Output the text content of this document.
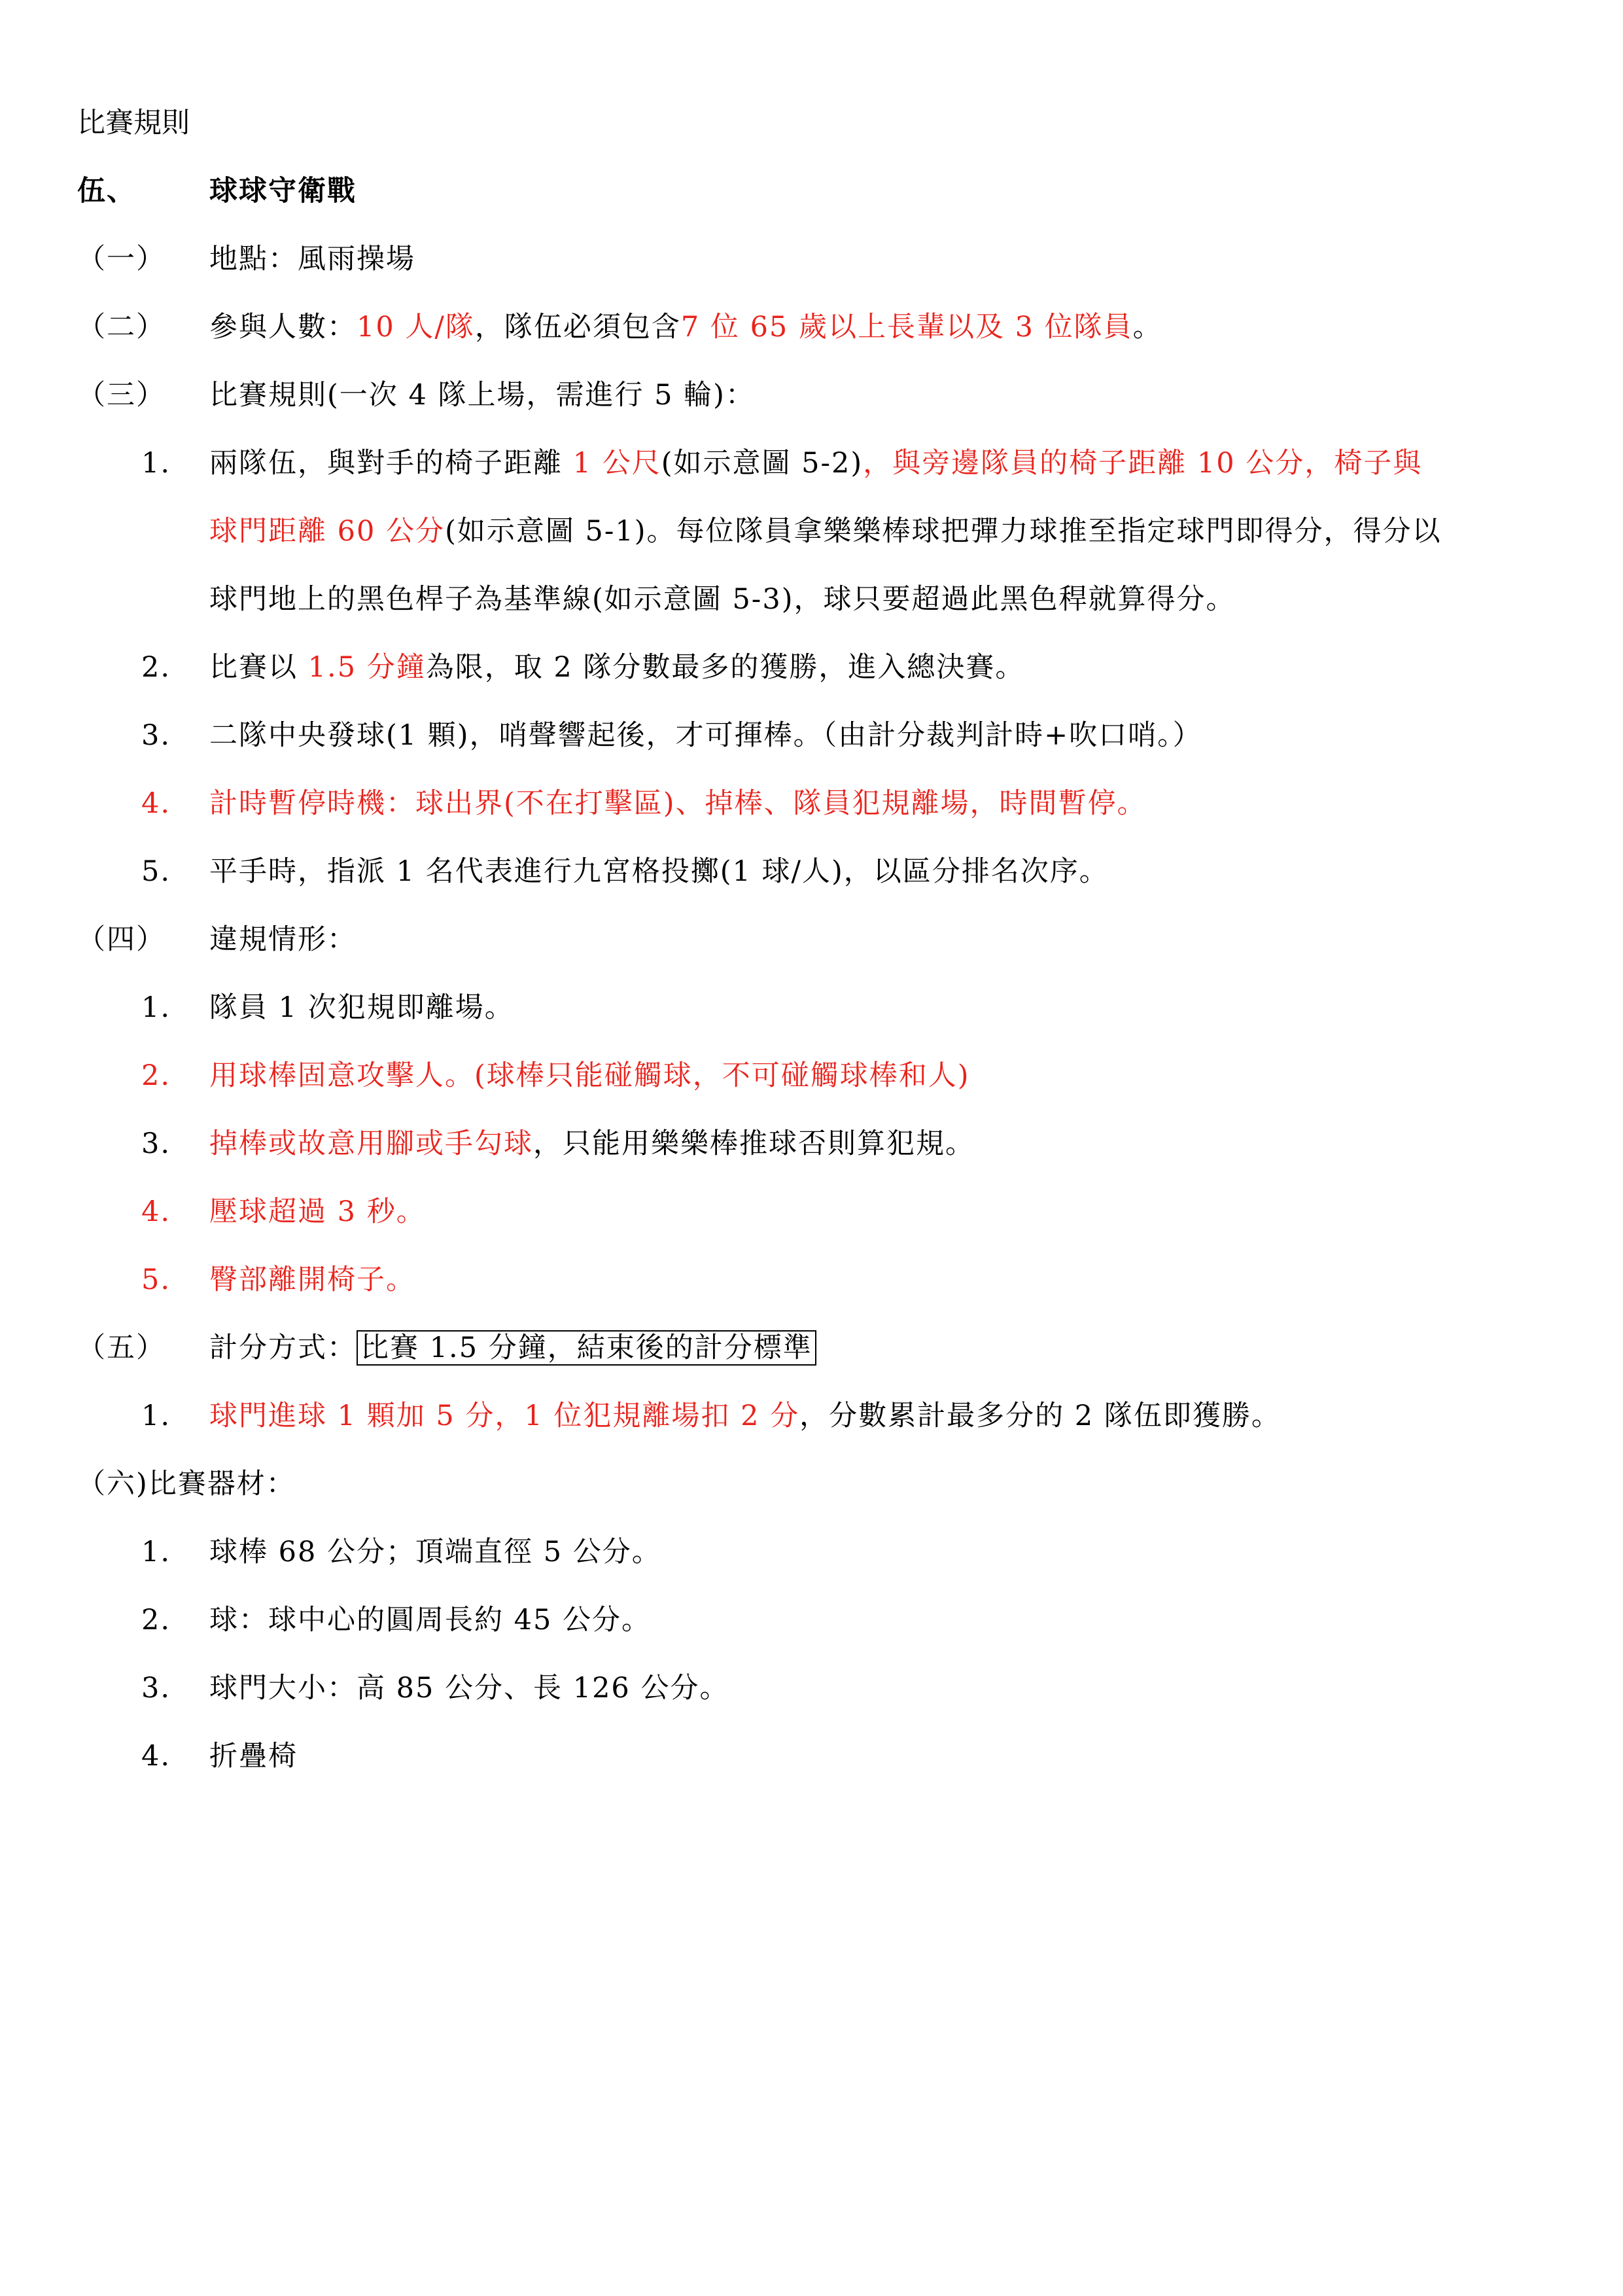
比賽規則
伍、	球球守衛戰
（一） 地點：風雨操場
（二） 參與人數：10 人/隊，隊伍必須包含7 位 65 歲以上長輩以及 3 位隊員。
（三） 比賽規則(一次 4 隊上場，需進行 5 輪)：
1. 兩隊伍，與對手的椅子距離 1 公尺(如示意圖 5-2)，與旁邊隊員的椅子距離 10 公分，椅子與
球門距離 60 公分(如示意圖 5-1)。每位隊員拿樂樂棒球把彈力球推至指定球門即得分，得分以
球門地上的黑色桿子為基準線(如示意圖 5-3)，球只要超過此黑色稈就算得分。
2. 比賽以 1.5 分鐘為限，取 2 隊分數最多的獲勝，進入總決賽。
3. 二隊中央發球(1 顆)，哨聲響起後，才可揮棒。（由計分裁判計時+吹口哨。）
4. 計時暫停時機：球出界(不在打擊區)、掉棒、隊員犯規離場，時間暫停。
5. 平手時，指派 1 名代表進行九宮格投擲(1 球/人)，以區分排名次序。
（四） 違規情形：
1. 隊員 1 次犯規即離場。
2. 用球棒固意攻擊人。(球棒只能碰觸球，不可碰觸球棒和人)
3. 掉棒或故意用腳或手勾球，只能用樂樂棒推球否則算犯規。
4. 壓球超過 3 秒。
5. 臀部離開椅子。
（五） 計分方式： 比賽 1.5 分鐘，結束後的計分標準
1. 球門進球 1 顆加 5 分，1 位犯規離場扣 2 分，分數累計最多分的 2 隊伍即獲勝。
（六)比賽器材：
1. 球棒 68 公分；頂端直徑 5 公分。
2. 球：球中心的圓周長約 45 公分。
3. 球門大小：高 85 公分、長 126 公分。
4. 折疊椅
